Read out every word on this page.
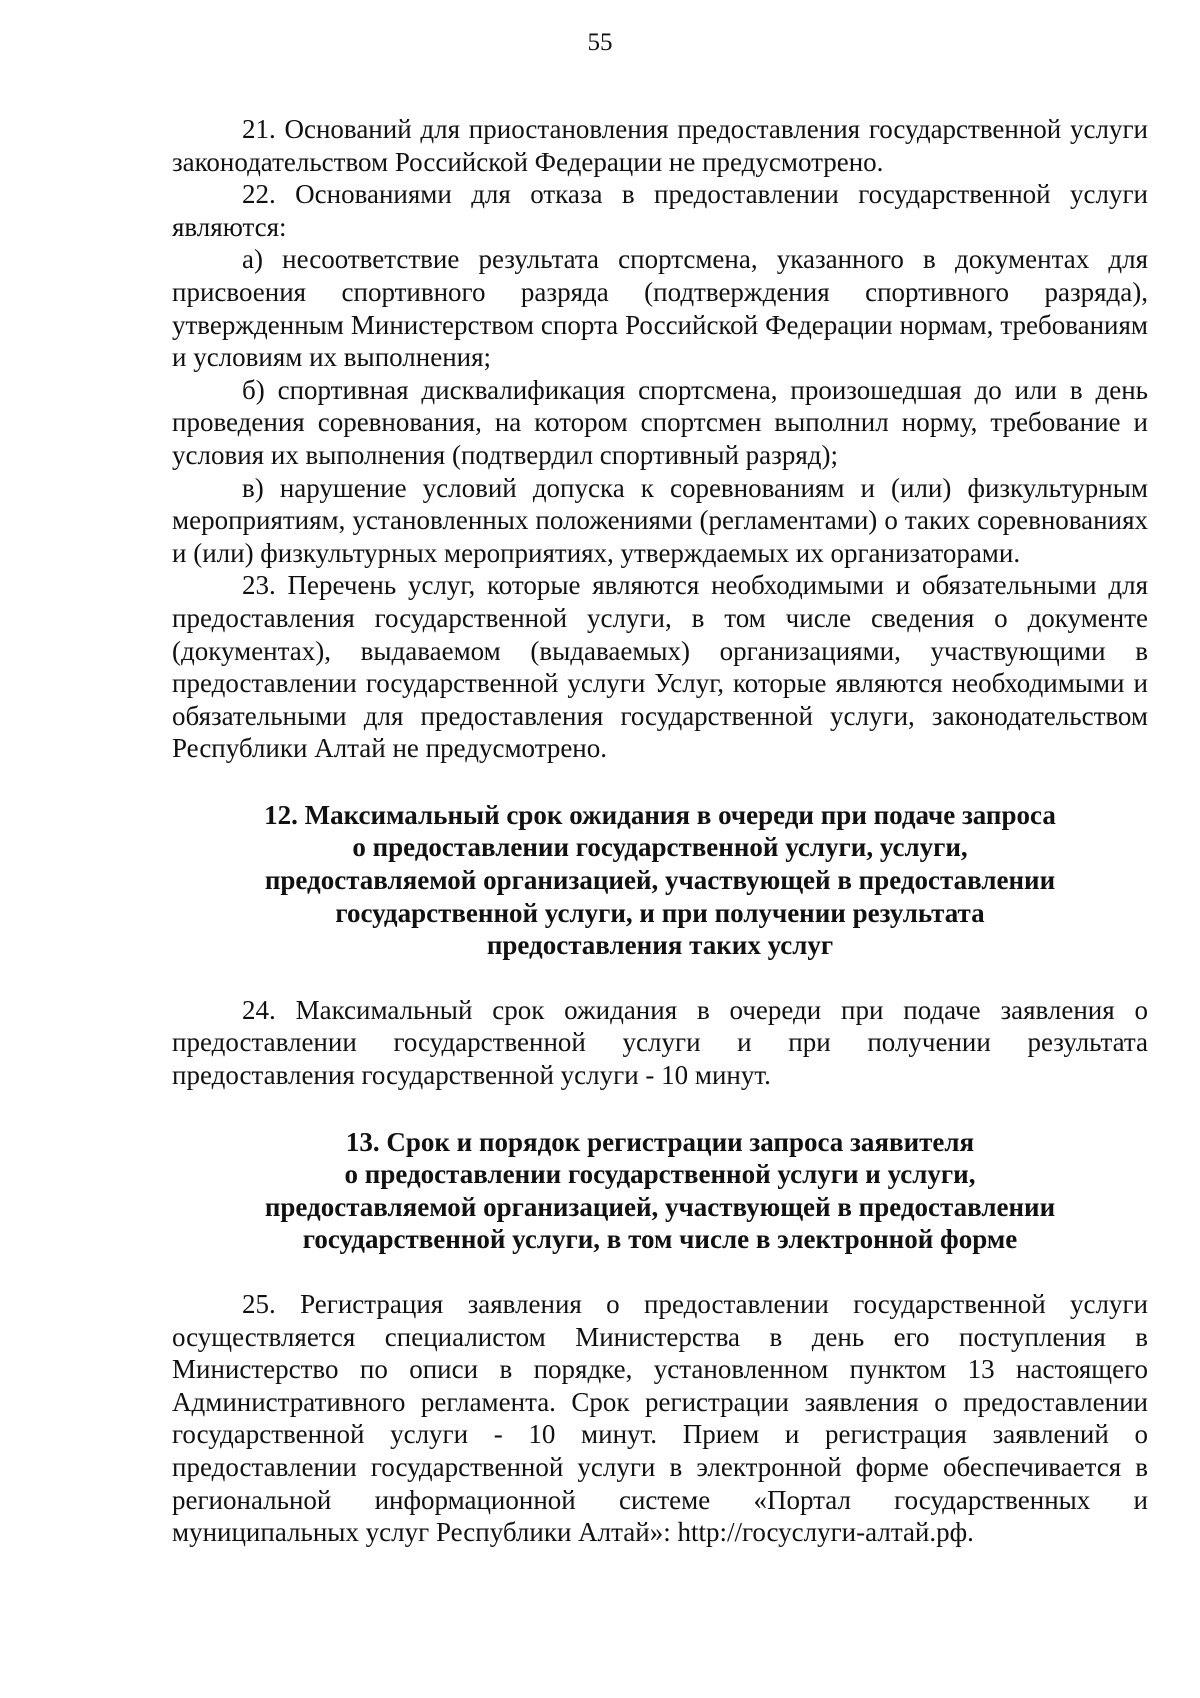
55

21. Оснований для приостановления предоставления государственной услуги законодательством Российской Федерации не предусмотрено.

22. Основаниями для отказа в предоставлении государственной услуги являются:

а) несоответствие результата спортсмена, указанного в документах для присвоения спортивного разряда (подтверждения спортивного разряда), утвержденным Министерством спорта Российской Федерации нормам, требованиям и условиям их выполнения;

б) спортивная дисквалификация спортсмена, произошедшая до или в день проведения соревнования, на котором спортсмен выполнил норму, требование и условия их выполнения (подтвердил спортивный разряд);

в) нарушение условий допуска к соревнованиям и (или) физкультурным мероприятиям, установленных положениями (регламентами) о таких соревнованиях и (или) физкультурных мероприятиях, утверждаемых их организаторами.

23. Перечень услуг, которые являются необходимыми и обязательными для предоставления государственной услуги, в том числе сведения о документе (документах), выдаваемом (выдаваемых) организациями, участвующими в предоставлении государственной услуги Услуг, которые являются необходимыми и обязательными для предоставления государственной услуги, законодательством Республики Алтай не предусмотрено.

12. Максимальный срок ожидания в очереди при подаче запроса
о предоставлении государственной услуги, услуги,
предоставляемой организацией, участвующей в предоставлении
государственной услуги, и при получении результата
предоставления таких услуг

24. Максимальный срок ожидания в очереди при подаче заявления о предоставлении государственной услуги и при получении результата предоставления государственной услуги - 10 минут.

13. Срок и порядок регистрации запроса заявителя
о предоставлении государственной услуги и услуги,
предоставляемой организацией, участвующей в предоставлении
государственной услуги, в том числе в электронной форме

25. Регистрация заявления о предоставлении государственной услуги осуществляется специалистом Министерства в день его поступления в Министерство по описи в порядке, установленном пунктом 13 настоящего Административного регламента. Срок регистрации заявления о предоставлении государственной услуги - 10 минут. Прием и регистрация заявлений о предоставлении государственной услуги в электронной форме обеспечивается в региональной информационной системе «Портал государственных и муниципальных услуг Республики Алтай»: http://госуслуги-алтай.рф.
